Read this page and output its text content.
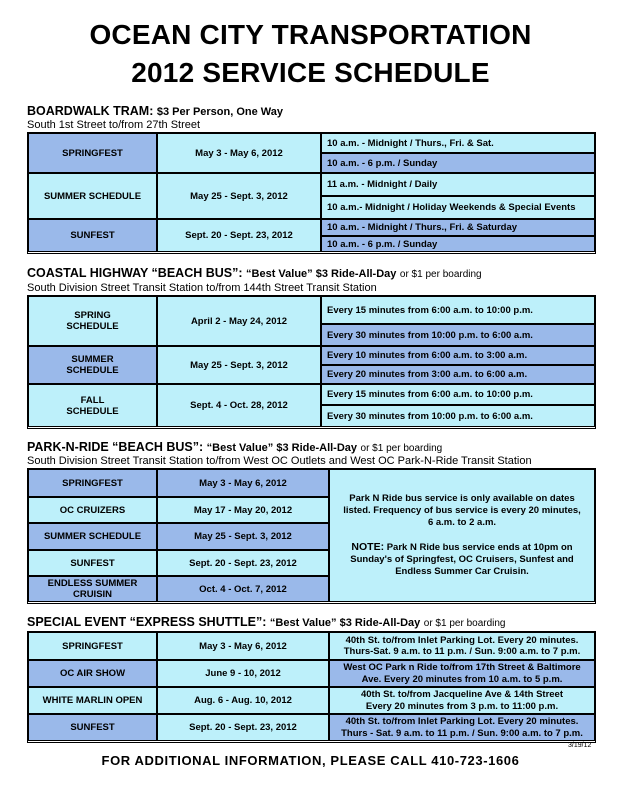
OCEAN CITY TRANSPORTATION
2012 SERVICE SCHEDULE
BOARDWALK TRAM: $3 Per Person, One Way
South 1st Street to/from 27th Street
SPRINGFEST	May 3 - May 6, 2012
10 a.m. - Midnight / Thurs., Fri. & Sat.
10 a.m. - 6 p.m. / Sunday
SUMMER SCHEDULE	May 25 - Sept. 3, 2012
11 a.m. - Midnight / Daily
10 a.m.- Midnight / Holiday Weekends & Special Events
SUNFEST	Sept. 20 - Sept. 23, 2012
10 a.m. - Midnight / Thurs., Fri. & Saturday
10 a.m. - 6 p.m. / Sunday
COASTAL HIGHWAY “BEACH BUS”: “Best Value” $3 Ride-All-Day or $1 per boarding
South Division Street Transit Station to/from 144th Street Transit Station
SPRING SCHEDULE	April 2 - May 24, 2012
Every 15 minutes from 6:00 a.m. to 10:00 p.m.
Every 30 minutes from 10:00 p.m. to 6:00 a.m.
SUMMER SCHEDULE	May 25 - Sept. 3, 2012
Every 10 minutes from 6:00 a.m. to 3:00 a.m.
Every 20 minutes from 3:00 a.m. to 6:00 a.m.
FALL SCHEDULE	Sept. 4 - Oct. 28, 2012
Every 15 minutes from 6:00 a.m. to 10:00 p.m.
Every 30 minutes from 10:00 p.m. to 6:00 a.m.
PARK-N-RIDE “BEACH BUS”: “Best Value” $3 Ride-All-Day or $1 per boarding
South Division Street Transit Station to/from West OC Outlets and West OC Park-N-Ride Transit Station
SPRINGFEST	May 3 - May 6, 2012
OC CRUIZERS	May 17 - May 20, 2012
SUMMER SCHEDULE	May 25 - Sept. 3, 2012
SUNFEST	Sept. 20 - Sept. 23, 2012
ENDLESS SUMMER CRUISIN	Oct. 4 - Oct. 7, 2012

Park N Ride bus service is only available on dates listed. Frequency of bus service is every 20 minutes, 6 a.m. to 2 a.m.

NOTE: Park N Ride bus service ends at 10pm on Sunday's of Springfest, OC Cruisers, Sunfest and Endless Summer Car Cruisin.

SPECIAL EVENT “EXPRESS SHUTTLE”: “Best Value” $3 Ride-All-Day or $1 per boarding
SPRINGFEST	May 3 - May 6, 2012
40th St. to/from Inlet Parking Lot. Every 20 minutes.
Thurs-Sat. 9 a.m. to 11 p.m. / Sun. 9:00 a.m. to 7 p.m.
OC AIR SHOW	June 9 - 10, 2012
West OC Park n Ride to/from 17th Street & Baltimore
Ave. Every 20 minutes from 10 a.m. to 5 p.m.
WHITE MARLIN OPEN	Aug. 6 - Aug. 10, 2012
40th St. to/from Jacqueline Ave & 14th Street
Every 20 minutes from 3 p.m. to 11:00 p.m.
SUNFEST	Sept. 20 - Sept. 23, 2012
40th St. to/from Inlet Parking Lot. Every 20 minutes.
Thurs - Sat. 9 a.m. to 11 p.m. / Sun. 9:00 a.m. to 7 p.m.
3/19/12
FOR ADDITIONAL INFORMATION, PLEASE CALL 410-723-1606
